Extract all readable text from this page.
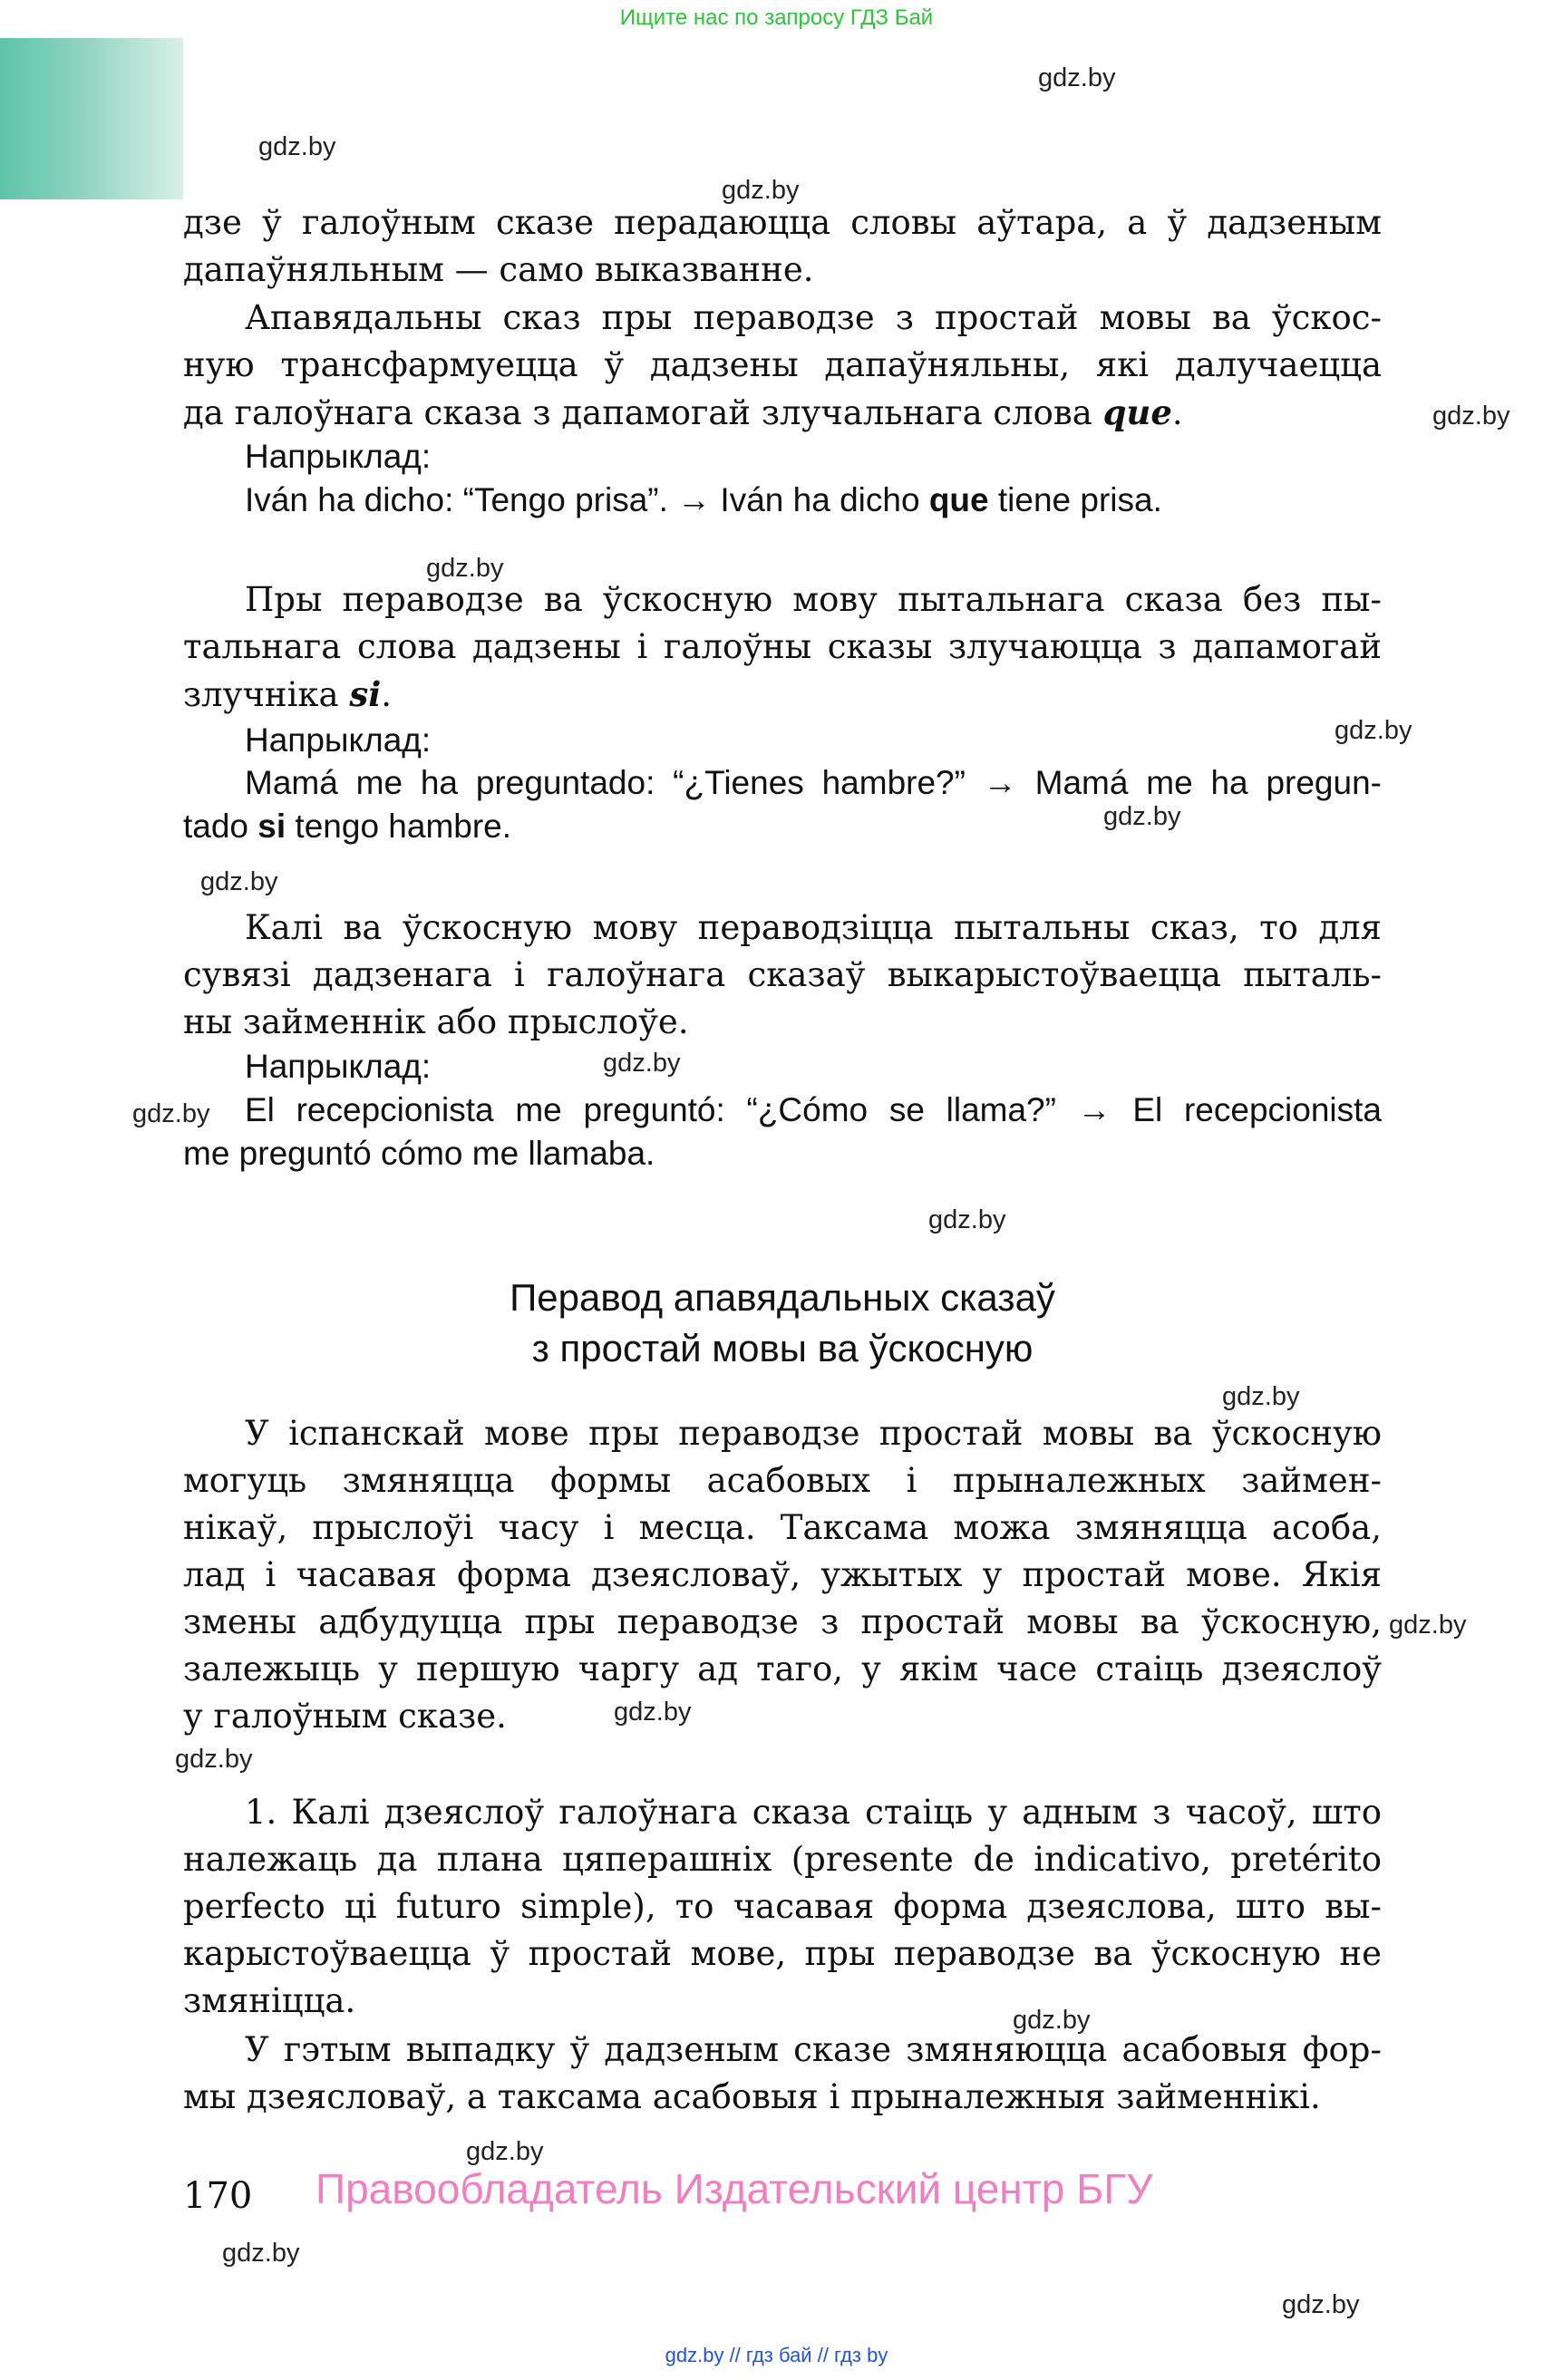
Ищите нас по запросу ГДЗ Бай
gdz.by
gdz.by
gdz.by
gdz.by
gdz.by
gdz.by
gdz.by
gdz.by
gdz.by
gdz.by
gdz.by
gdz.by
gdz.by
gdz.by
gdz.by
gdz.by
gdz.by
gdz.by
gdz.by
дзе ў галоўным сказе перадаюцца словы аўтара, а ў дадзеным
дапаўняльным — само выказванне.
Апавядальны сказ пры пераводзе з простай мовы ва ўскос-
ную трансфармуецца ў дадзены дапаўняльны, які далучаецца
да галоўнага сказа з дапамогай злучальнага слова que.
Напрыклад:
Iván ha dicho: “Tengo prisa”. → Iván ha dicho que tiene prisa.
Пры пераводзе ва ўскосную мову пытальнага сказа без пы-
тальнага слова дадзены і галоўны сказы злучаюцца з дапамогай
злучніка si.
Напрыклад:
Mamá me ha preguntado: “¿Tienes hambre?” → Mamá me ha pregun-
tado si tengo hambre.
Калі ва ўскосную мову пераводзіцца пытальны сказ, то для
сувязі дадзенага і галоўнага сказаў выкарыстоўваецца пыталь-
ны займеннік або прыслоўе.
Напрыклад:
El recepcionista me preguntó: “¿Cómo se llama?” → El recepcionista
me preguntó cómo me llamaba.
Перавод апавядальных сказаў
з простай мовы ва ўскосную
У іспанскай мове пры пераводзе простай мовы ва ўскосную
могуць змяняцца формы асабовых і прыналежных займен-
нікаў, прыслоўі часу і месца. Таксама можа змяняцца асоба,
лад і часавая форма дзеясловаў, ужытых у простай мове. Якія
змены адбудуцца пры пераводзе з простай мовы ва ўскосную,
залежыць у першую чаргу ад таго, у якім часе стаіць дзеяслоў
у галоўным сказе.
1. Калі дзеяслоў галоўнага сказа стаіць у адным з часоў, што
належаць да плана цяперашніх (presente de indicativo, pretérito
perfecto ці futuro simple), то часавая форма дзеяслова, што вы-
карыстоўваецца ў простай мове, пры пераводзе ва ўскосную не
змяніцца.
У гэтым выпадку ў дадзеным сказе змяняюцца асабовыя фор-
мы дзеясловаў, а таксама асабовыя і прыналежныя займеннікі.
170 Правообладатель Издательский центр БГУ
gdz.by // гдз бай // гдз by
